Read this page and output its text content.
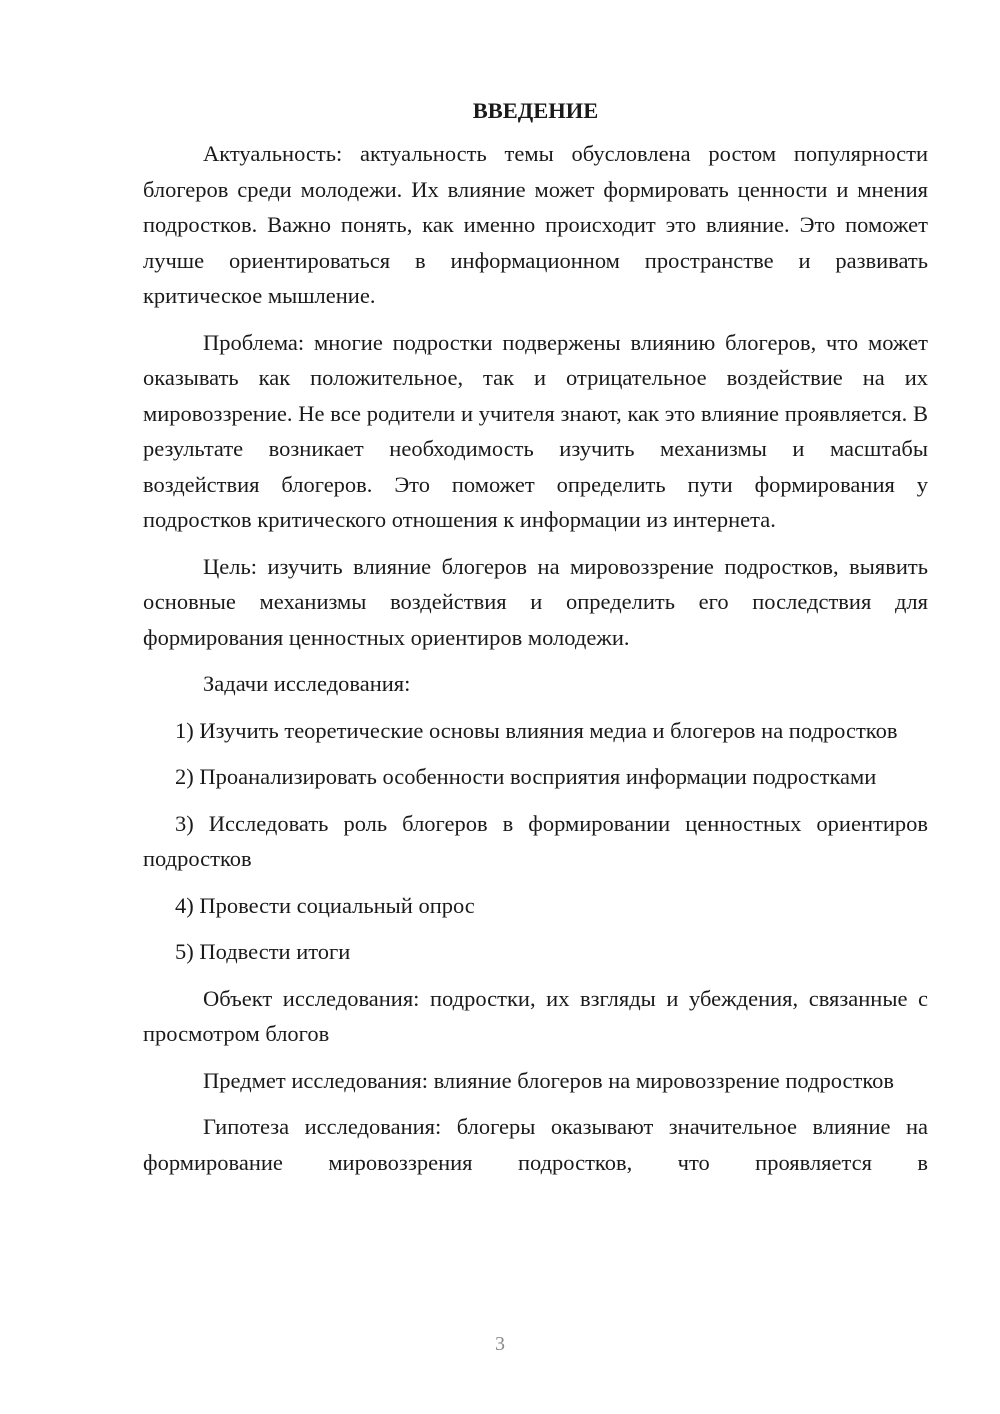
ВВЕДЕНИЕ

Актуальность: актуальность темы обусловлена ростом популярности блогеров среди молодежи. Их влияние может формировать ценности и мнения подростков. Важно понять, как именно происходит это влияние. Это поможет лучше ориентироваться в информационном пространстве и развивать критическое мышление.

Проблема: многие подростки подвержены влиянию блогеров, что может оказывать как положительное, так и отрицательное воздействие на их мировоззрение. Не все родители и учителя знают, как это влияние проявляется. В результате возникает необходимость изучить механизмы и масштабы воздействия блогеров. Это поможет определить пути формирования у подростков критического отношения к информации из интернета.

Цель: изучить влияние блогеров на мировоззрение подростков, выявить основные механизмы воздействия и определить его последствия для формирования ценностных ориентиров молодежи.

Задачи исследования:

1) Изучить теоретические основы влияния медиа и блогеров на подростков

2) Проанализировать особенности восприятия информации подростками

3) Исследовать роль блогеров в формировании ценностных ориентиров подростков

4) Провести социальный опрос

5) Подвести итоги

Объект исследования: подростки, их взгляды и убеждения, связанные с просмотром блогов

Предмет исследования: влияние блогеров на мировоззрение подростков

Гипотеза исследования: блогеры оказывают значительное влияние на формирование мировоззрения подростков, что проявляется в

3
